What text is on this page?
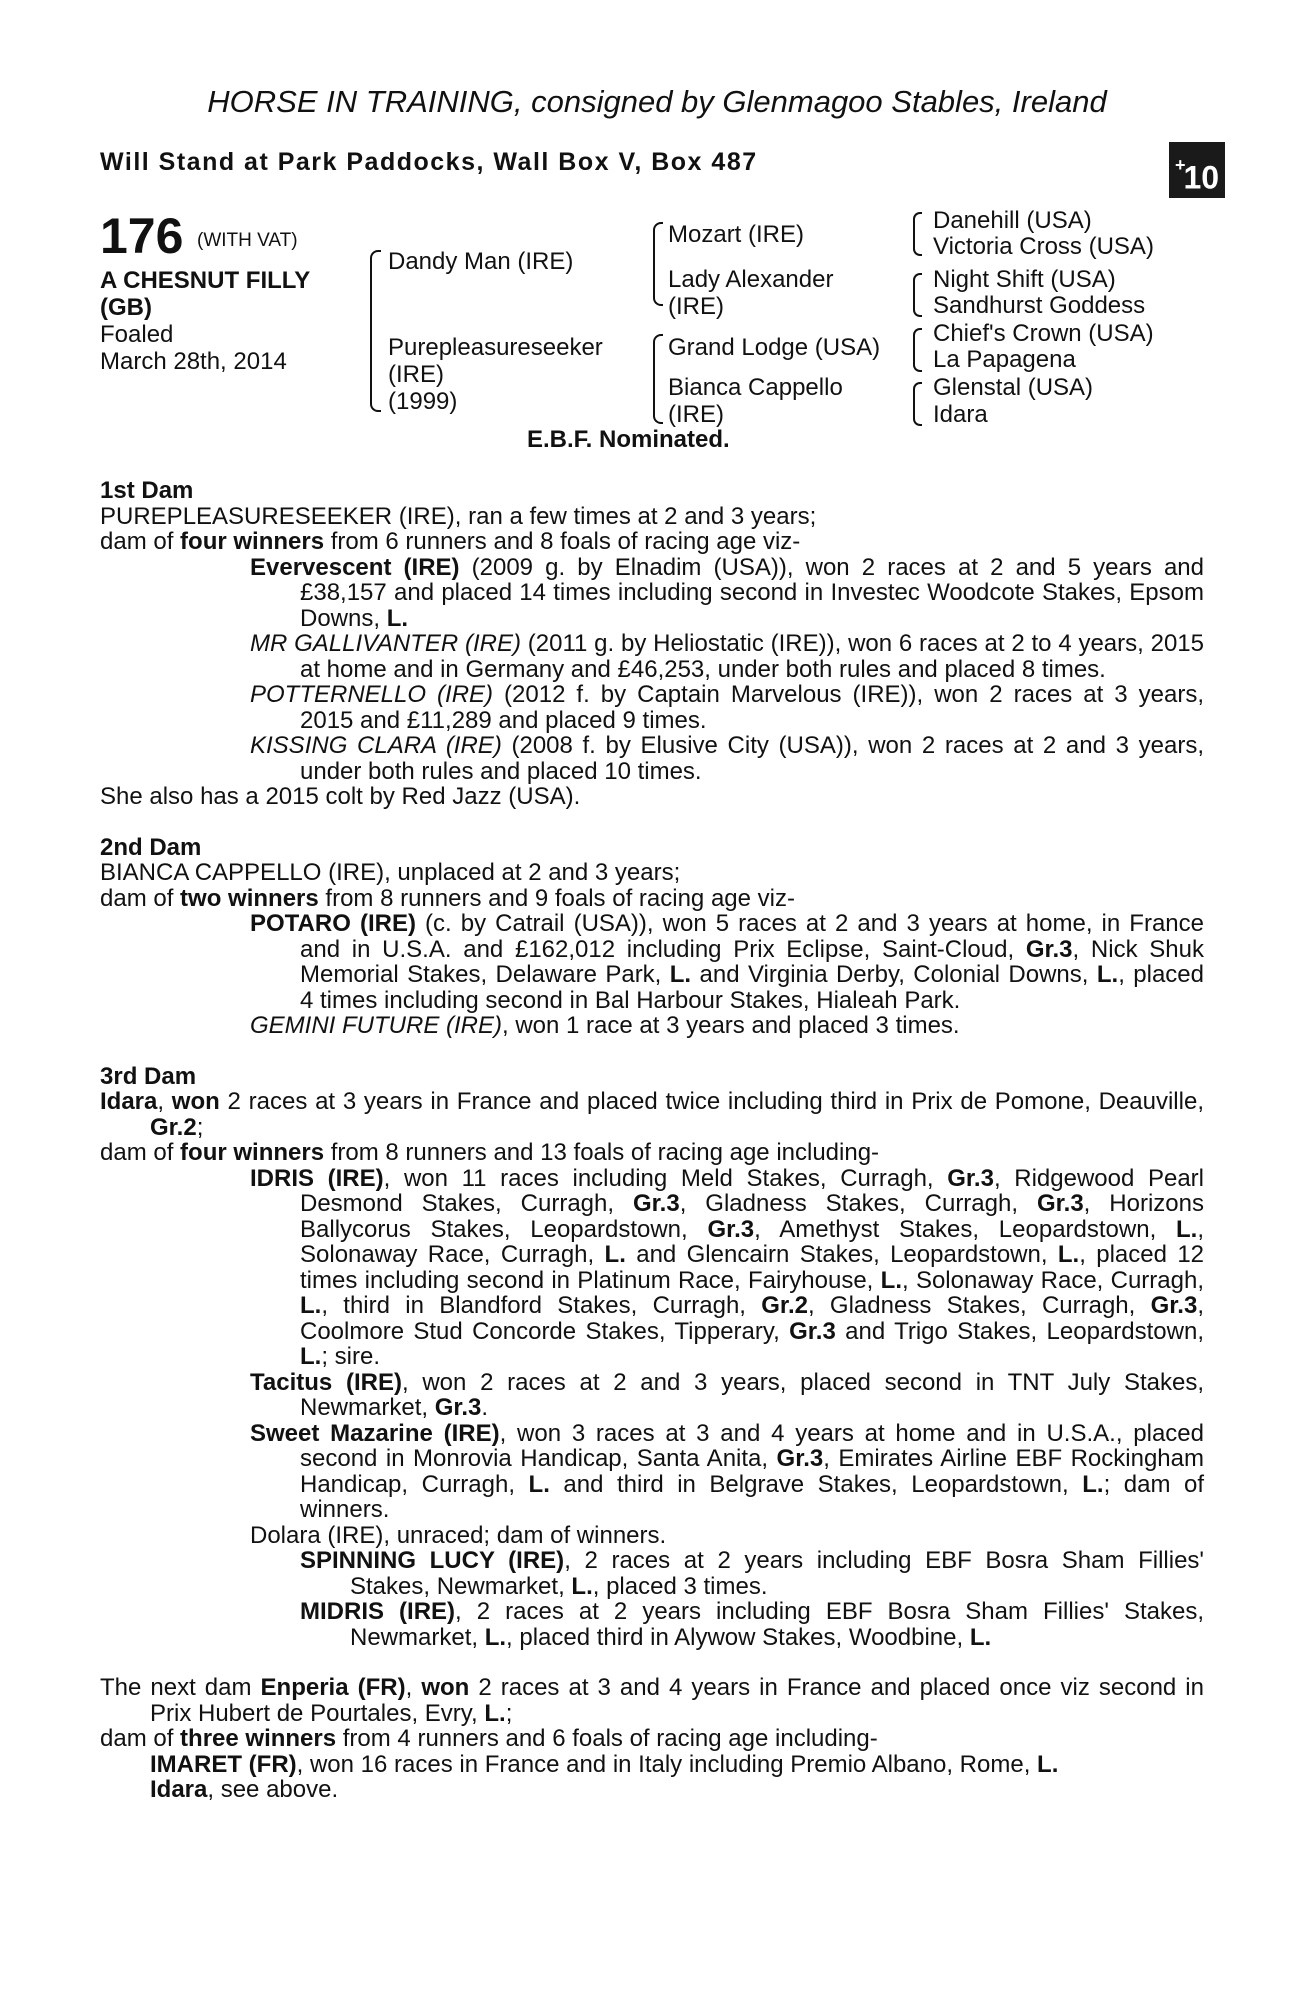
HORSE IN TRAINING, consigned by Glenmagoo Stables, Ireland
Will Stand at Park Paddocks, Wall Box V, Box 487	+10
176 (WITH VAT)
A CHESNUT FILLY
(GB)
Foaled
March 28th, 2014
Dandy Man (IRE)
Purepleasureseeker
(IRE)
(1999)
Mozart (IRE)
Lady Alexander
(IRE)
Grand Lodge (USA)
Bianca Cappello
(IRE)
Danehill (USA)
Victoria Cross (USA)
Night Shift (USA)
Sandhurst Goddess
Chief's Crown (USA)
La Papagena
Glenstal (USA)
Idara
E.B.F. Nominated.

1st Dam

PUREPLEASURESEEKER (IRE), ran a few times at 2 and 3 years;

dam of four winners from 6 runners and 8 foals of racing age viz-

Evervescent (IRE) (2009 g. by Elnadim (USA)), won 2 races at 2 and 5 years and £38,157 and placed 14 times including second in Investec Woodcote Stakes, Epsom Downs, L.

MR GALLIVANTER (IRE) (2011 g. by Heliostatic (IRE)), won 6 races at 2 to 4 years, 2015 at home and in Germany and £46,253, under both rules and placed 8 times.

POTTERNELLO (IRE) (2012 f. by Captain Marvelous (IRE)), won 2 races at 3 years, 2015 and £11,289 and placed 9 times.

KISSING CLARA (IRE) (2008 f. by Elusive City (USA)), won 2 races at 2 and 3 years, under both rules and placed 10 times.

She also has a 2015 colt by Red Jazz (USA).

2nd Dam

BIANCA CAPPELLO (IRE), unplaced at 2 and 3 years;

dam of two winners from 8 runners and 9 foals of racing age viz-

POTARO (IRE) (c. by Catrail (USA)), won 5 races at 2 and 3 years at home, in France and in U.S.A. and £162,012 including Prix Eclipse, Saint-Cloud, Gr.3, Nick Shuk Memorial Stakes, Delaware Park, L. and Virginia Derby, Colonial Downs, L., placed 4 times including second in Bal Harbour Stakes, Hialeah Park.

GEMINI FUTURE (IRE), won 1 race at 3 years and placed 3 times.

3rd Dam

Idara, won 2 races at 3 years in France and placed twice including third in Prix de Pomone, Deauville, Gr.2;

dam of four winners from 8 runners and 13 foals of racing age including-

IDRIS (IRE), won 11 races including Meld Stakes, Curragh, Gr.3, Ridgewood Pearl Desmond Stakes, Curragh, Gr.3, Gladness Stakes, Curragh, Gr.3, Horizons Ballycorus Stakes, Leopardstown, Gr.3, Amethyst Stakes, Leopardstown, L., Solonaway Race, Curragh, L. and Glencairn Stakes, Leopardstown, L., placed 12 times including second in Platinum Race, Fairyhouse, L., Solonaway Race, Curragh, L., third in Blandford Stakes, Curragh, Gr.2, Gladness Stakes, Curragh, Gr.3, Coolmore Stud Concorde Stakes, Tipperary, Gr.3 and Trigo Stakes, Leopardstown, L.; sire.

Tacitus (IRE), won 2 races at 2 and 3 years, placed second in TNT July Stakes, Newmarket, Gr.3.

Sweet Mazarine (IRE), won 3 races at 3 and 4 years at home and in U.S.A., placed second in Monrovia Handicap, Santa Anita, Gr.3, Emirates Airline EBF Rockingham Handicap, Curragh, L. and third in Belgrave Stakes, Leopardstown, L.; dam of winners.

Dolara (IRE), unraced; dam of winners.

SPINNING LUCY (IRE), 2 races at 2 years including EBF Bosra Sham Fillies' Stakes, Newmarket, L., placed 3 times.

MIDRIS (IRE), 2 races at 2 years including EBF Bosra Sham Fillies' Stakes, Newmarket, L., placed third in Alywow Stakes, Woodbine, L.

The next dam Enperia (FR), won 2 races at 3 and 4 years in France and placed once viz second in Prix Hubert de Pourtales, Evry, L.;

dam of three winners from 4 runners and 6 foals of racing age including-

IMARET (FR), won 16 races in France and in Italy including Premio Albano, Rome, L.

Idara, see above.
